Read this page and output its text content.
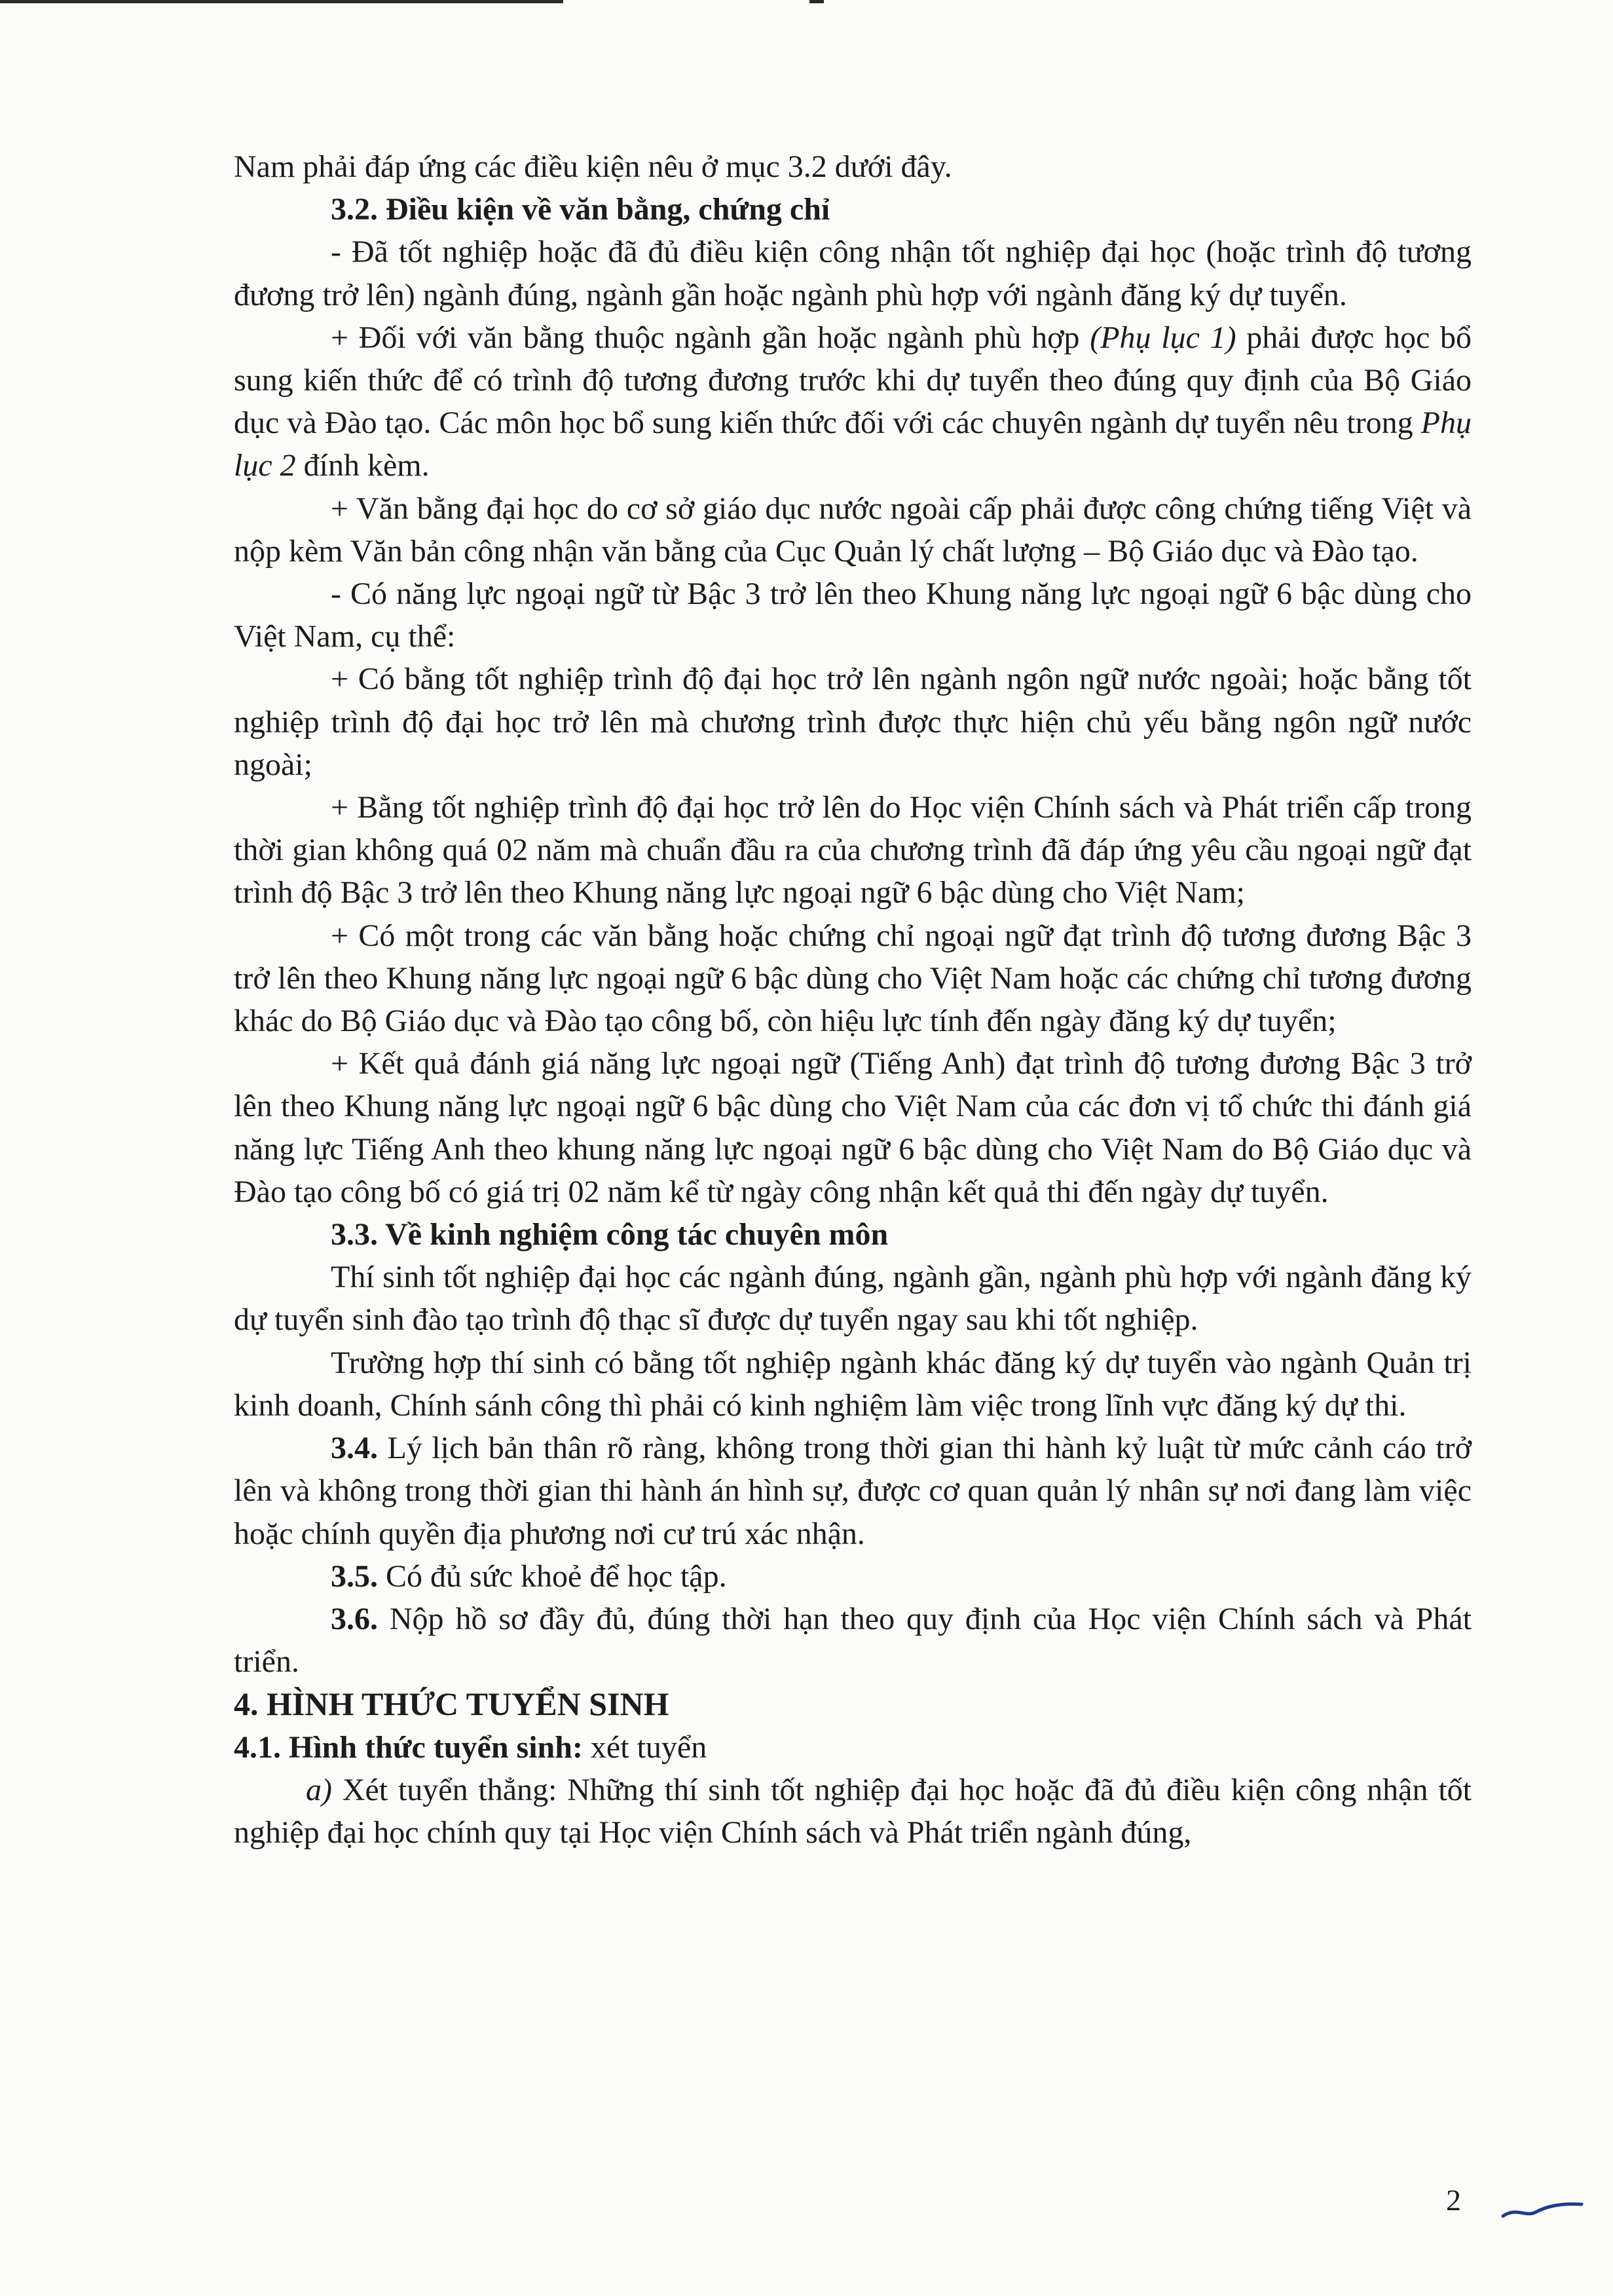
Nam phải đáp ứng các điều kiện nêu ở mục 3.2 dưới đây.

3.2. Điều kiện về văn bằng, chứng chỉ

- Đã tốt nghiệp hoặc đã đủ điều kiện công nhận tốt nghiệp đại học (hoặc trình độ tương đương trở lên) ngành đúng, ngành gần hoặc ngành phù hợp với ngành đăng ký dự tuyển.

+ Đối với văn bằng thuộc ngành gần hoặc ngành phù hợp (Phụ lục 1) phải được học bổ sung kiến thức để có trình độ tương đương trước khi dự tuyển theo đúng quy định của Bộ Giáo dục và Đào tạo. Các môn học bổ sung kiến thức đối với các chuyên ngành dự tuyển nêu trong Phụ lục 2 đính kèm.

+ Văn bằng đại học do cơ sở giáo dục nước ngoài cấp phải được công chứng tiếng Việt và nộp kèm Văn bản công nhận văn bằng của Cục Quản lý chất lượng – Bộ Giáo dục và Đào tạo.

- Có năng lực ngoại ngữ từ Bậc 3 trở lên theo Khung năng lực ngoại ngữ 6 bậc dùng cho Việt Nam, cụ thể:

+ Có bằng tốt nghiệp trình độ đại học trở lên ngành ngôn ngữ nước ngoài; hoặc bằng tốt nghiệp trình độ đại học trở lên mà chương trình được thực hiện chủ yếu bằng ngôn ngữ nước ngoài;

+ Bằng tốt nghiệp trình độ đại học trở lên do Học viện Chính sách và Phát triển cấp trong thời gian không quá 02 năm mà chuẩn đầu ra của chương trình đã đáp ứng yêu cầu ngoại ngữ đạt trình độ Bậc 3 trở lên theo Khung năng lực ngoại ngữ 6 bậc dùng cho Việt Nam;

+ Có một trong các văn bằng hoặc chứng chỉ ngoại ngữ đạt trình độ tương đương Bậc 3 trở lên theo Khung năng lực ngoại ngữ 6 bậc dùng cho Việt Nam hoặc các chứng chỉ tương đương khác do Bộ Giáo dục và Đào tạo công bố, còn hiệu lực tính đến ngày đăng ký dự tuyển;

+ Kết quả đánh giá năng lực ngoại ngữ (Tiếng Anh) đạt trình độ tương đương Bậc 3 trở lên theo Khung năng lực ngoại ngữ 6 bậc dùng cho Việt Nam của các đơn vị tổ chức thi đánh giá năng lực Tiếng Anh theo khung năng lực ngoại ngữ 6 bậc dùng cho Việt Nam do Bộ Giáo dục và Đào tạo công bố có giá trị 02 năm kể từ ngày công nhận kết quả thi đến ngày dự tuyển.

3.3. Về kinh nghiệm công tác chuyên môn

Thí sinh tốt nghiệp đại học các ngành đúng, ngành gần, ngành phù hợp với ngành đăng ký dự tuyển sinh đào tạo trình độ thạc sĩ được dự tuyển ngay sau khi tốt nghiệp.

Trường hợp thí sinh có bằng tốt nghiệp ngành khác đăng ký dự tuyển vào ngành Quản trị kinh doanh, Chính sánh công thì phải có kinh nghiệm làm việc trong lĩnh vực đăng ký dự thi.

3.4. Lý lịch bản thân rõ ràng, không trong thời gian thi hành kỷ luật từ mức cảnh cáo trở lên và không trong thời gian thi hành án hình sự, được cơ quan quản lý nhân sự nơi đang làm việc hoặc chính quyền địa phương nơi cư trú xác nhận.

3.5. Có đủ sức khoẻ để học tập.

3.6. Nộp hồ sơ đầy đủ, đúng thời hạn theo quy định của Học viện Chính sách và Phát triển.

4. HÌNH THỨC TUYỂN SINH

4.1. Hình thức tuyển sinh: xét tuyển

a) Xét tuyển thẳng: Những thí sinh tốt nghiệp đại học hoặc đã đủ điều kiện công nhận tốt nghiệp đại học chính quy tại Học viện Chính sách và Phát triển ngành đúng,

2
